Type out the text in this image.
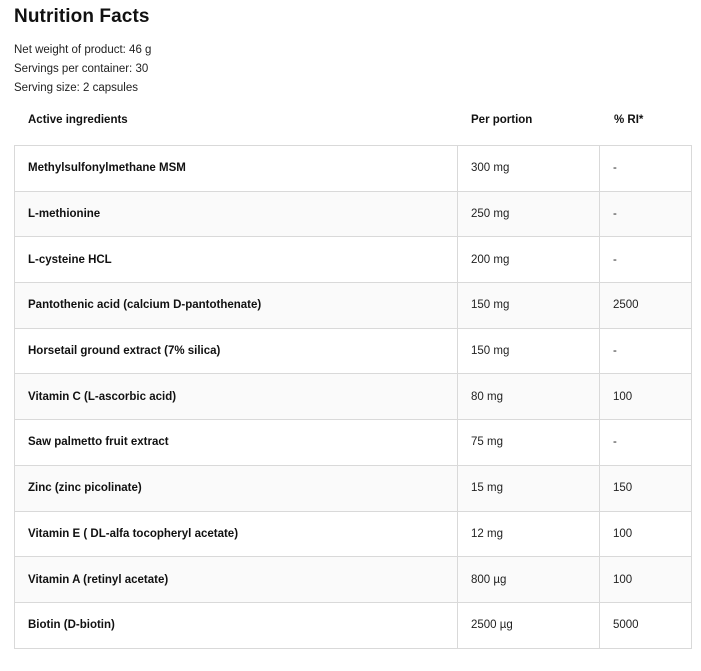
Nutrition Facts
Net weight of product: 46 g
Servings per container: 30
Serving size: 2 capsules
Active ingredients	Per portion	% RI*
Methylsulfonylmethane MSM	300 mg	-
L-methionine	250 mg	-
L-cysteine HCL	200 mg	-
Pantothenic acid (calcium D-pantothenate)	150 mg	2500
Horsetail ground extract (7% silica)	150 mg	-
Vitamin C (L-ascorbic acid)	80 mg	100
Saw palmetto fruit extract	75 mg	-
Zinc (zinc picolinate)	15 mg	150
Vitamin E ( DL-alfa tocopheryl acetate)	12 mg	100
Vitamin A (retinyl acetate)	800 µg	100
Biotin (D-biotin)	2500 µg	5000
